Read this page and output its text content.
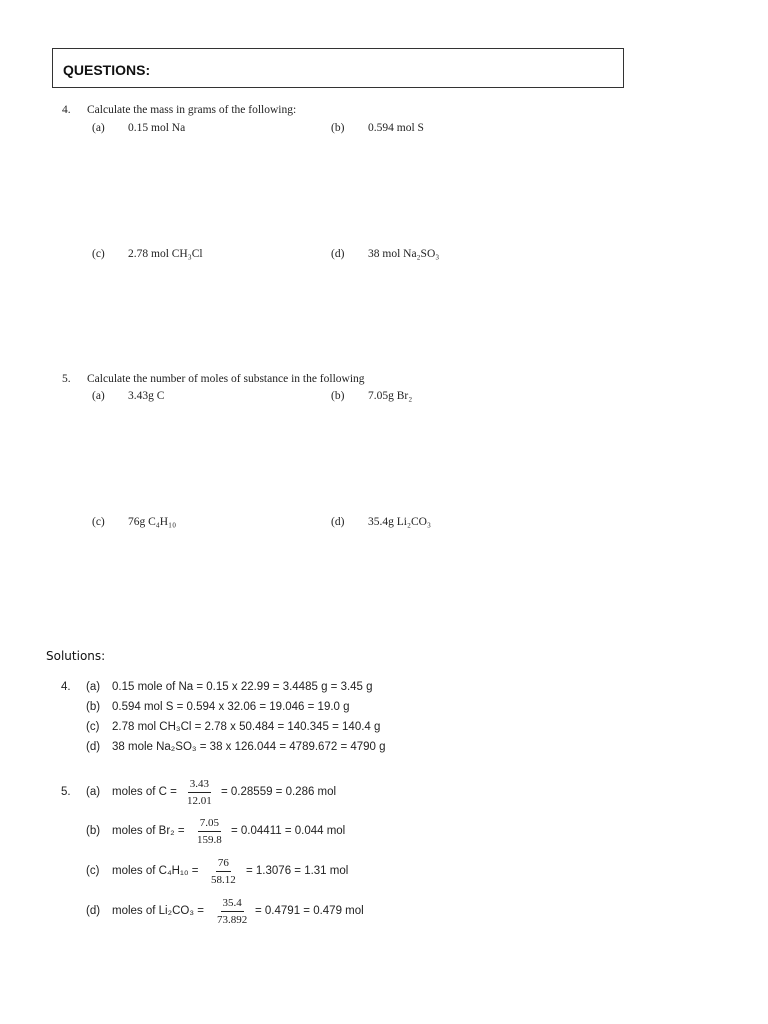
QUESTIONS:
4. Calculate the mass in grams of the following:
(a) 0.15 mol Na	(b) 0.594 mol S
(c) 2.78 mol CH₃Cl	(d) 38 mol Na₂SO₃
5. Calculate the number of moles of substance in the following
(a) 3.43g C	(b) 7.05g Br₂
(c) 76g C₄H₁₀	(d) 35.4g Li₂CO₃
Solutions:
4. (a) 0.15 mole of Na = 0.15 x 22.99 = 3.4485 g = 3.45 g
(b) 0.594 mol S = 0.594 x 32.06 = 19.046 = 19.0 g
(c) 2.78 mol CH₃Cl = 2.78 x 50.484 = 140.345 = 140.4 g
(d) 38 mole Na₂SO₃ = 38 x 126.044 = 4789.672 = 4790 g
5. (a) moles of $C = \frac{3.43}{12.01} = 0.28559 = 0.286$ mol
(b) moles of $Br_2 = \frac{7.05}{159.8} = 0.04411 = 0.044$ mol
(c) moles of $C_4H_{10} = \frac{76}{58.12} = 1.3076 = 1.31$ mol
(d) moles of $Li_2CO_3 = \frac{35.4}{73.892} = 0.4791 = 0.479$ mol
